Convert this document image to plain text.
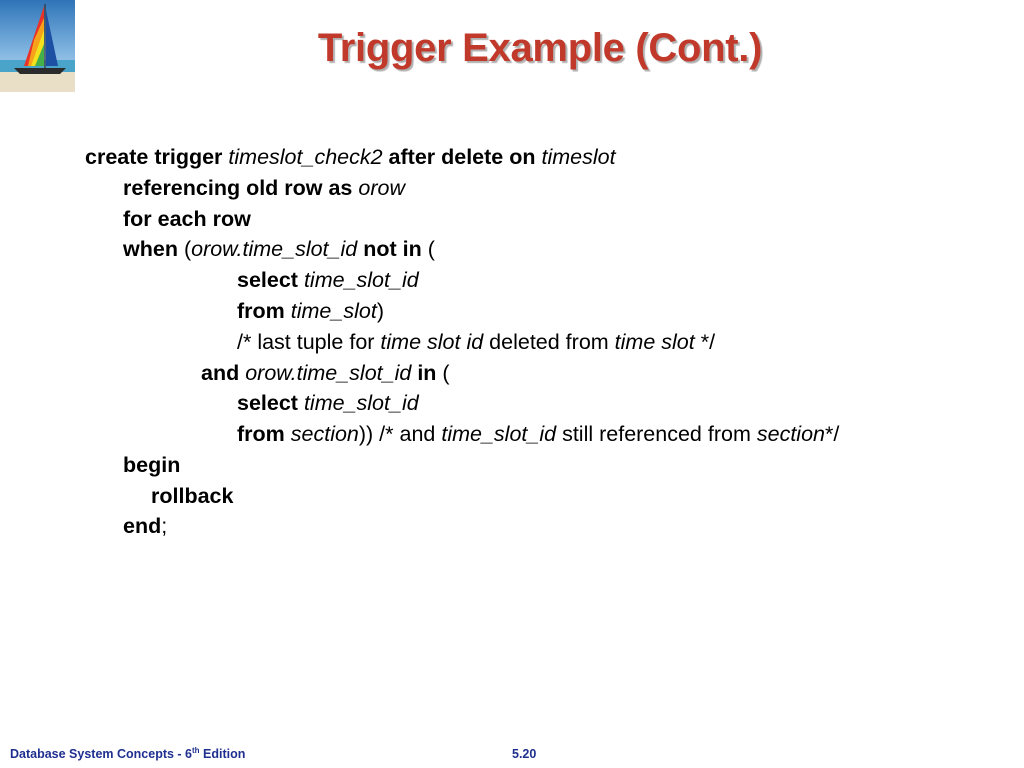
Trigger Example (Cont.)
create trigger timeslot_check2 after delete on timeslot
referencing old row as orow
for each row
when (orow.time_slot_id not in (
select time_slot_id
from time_slot)
/* last tuple for time slot id deleted from time slot */
and orow.time_slot_id in (
select time_slot_id
from section)) /* and time_slot_id still referenced from section*/
begin
rollback
end;
Database System Concepts - 6th Edition	5.20
